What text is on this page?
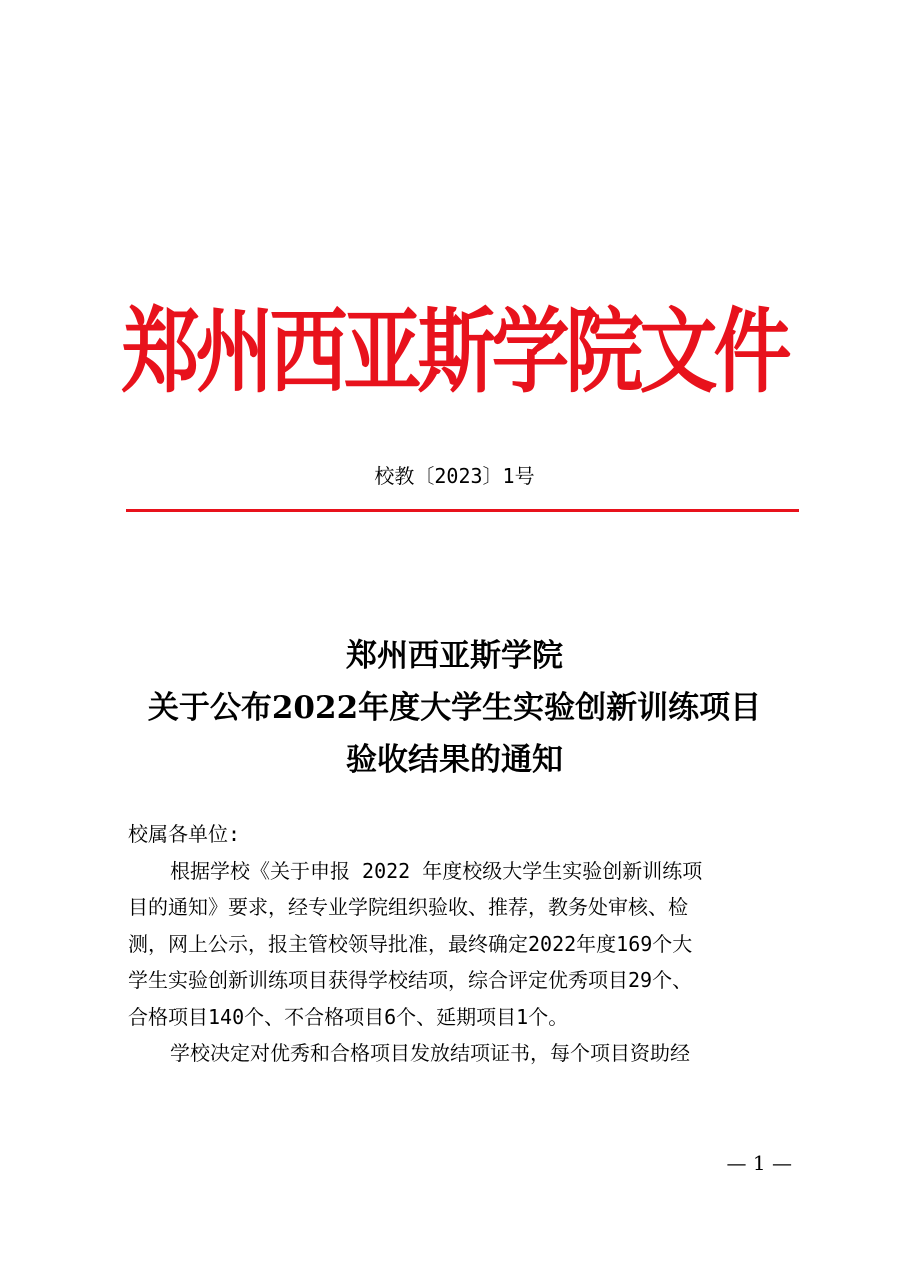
郑州西亚斯学院文件
校教〔2023〕1号
郑州西亚斯学院
关于公布2022年度大学生实验创新训练项目
验收结果的通知

校属各单位:

根据学校《关于申报 2022 年度校级大学生实验创新训练项

目的通知》要求，经专业学院组织验收、推荐，教务处审核、检

测，网上公示，报主管校领导批准，最终确定2022年度169个大

学生实验创新训练项目获得学校结项，综合评定优秀项目29个、

合格项目140个、不合格项目6个、延期项目1个。

学校决定对优秀和合格项目发放结项证书，每个项目资助经

— 1 —
